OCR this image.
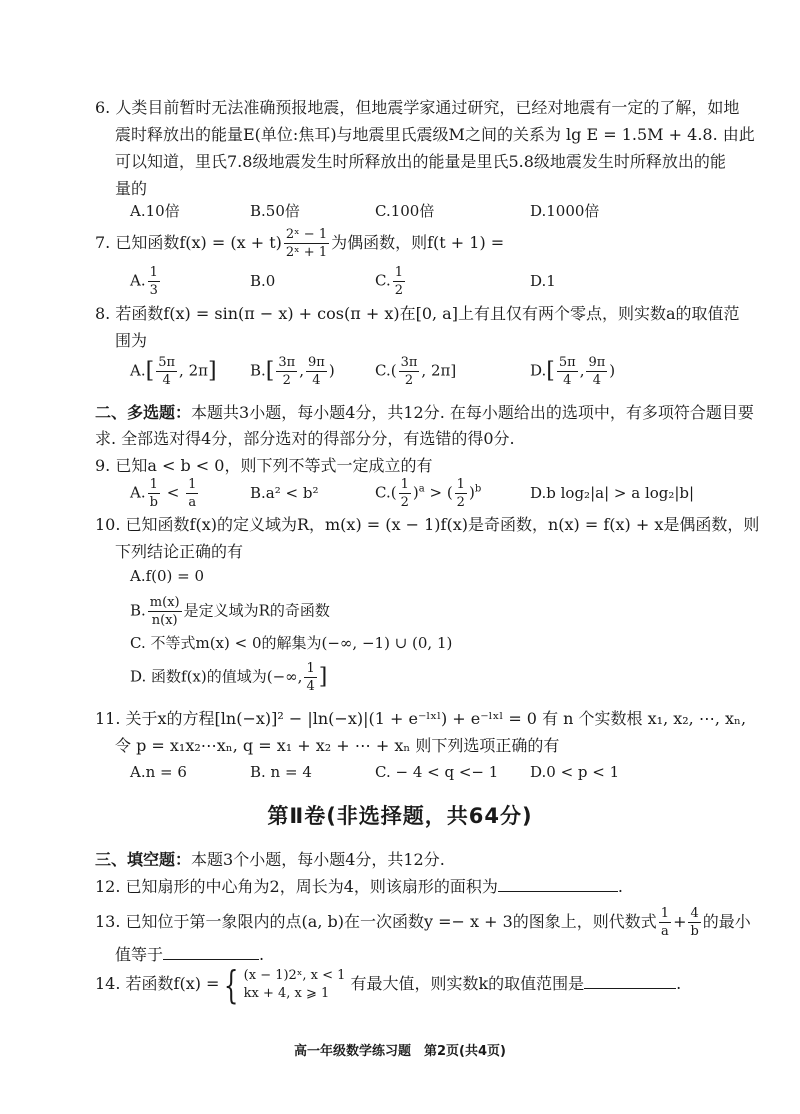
6. 人类目前暂时无法准确预报地震，但地震学家通过研究，已经对地震有一定的了解，如地
震时释放出的能量E(单位:焦耳)与地震里氏震级M之间的关系为 lg E = 1.5M + 4.8. 由此
可以知道，里氏7.8级地震发生时所释放出的能量是里氏5.8级地震发生时所释放出的能
量的
A.10倍	B.50倍	C.100倍	D.1000倍
7. 已知函数$f(x) = (x + t) \frac{\text{2ˣ − 1}}{\text{2ˣ + 1}}$ 为偶函数，则f(t + 1) =
A. $\frac{1}{3}$	B.0	C. $\frac{1}{2}$	D.1
8. 若函数f(x) = sin(π − x) + cos(π + x)在[0, a]上有且仅有两个零点，则实数a的取值范
围为
$A.[ \frac{5\pi}{4}$ , 2π] $B.[ \frac{3\pi}{2}$ , $\frac{9\pi}{4}$ )	$C.( \frac{3\pi}{2}$ , 2π]	$D.[ \frac{5\pi}{4}$ , $\frac{9\pi}{4}$ )
二、多选题：本题共3小题，每小题4分，共12分. 在每小题给出的选项中，有多项符合题目要
求. 全部选对得4分，部分选对的得部分分，有选错的得0分.
9. 已知a < b < 0，则下列不等式一定成立的有
A. $\frac{1}{b} < \frac{1}{a}$	B.a² < b²	$C.( \frac{1}{2} )^a$ > ( $\frac{1}{2} )^b$	D.b log₂|a| > a log₂|b|
10. 已知函数f(x)的定义域为R，m(x) = (x − 1)f(x)是奇函数，n(x) = f(x) + x是偶函数，则
下列结论正确的有
A.f(0) = 0
B. $\frac{m(x)}{n(x)}$ 是定义域为R的奇函数
C. 不等式m(x) < 0的解集为(−∞, −1) ∪ (0, 1)
D. 函数f(x)的值域为(−∞, $\frac{1}{4}$ ]
11. 关于x的方程[ln(−x)]² − |ln(−x)|(1 + e⁻ˡˣˡ) + e⁻ˡˣˡ = 0 有 n 个实数根 x₁, x₂, ⋯, xₙ,
令 p = x₁x₂⋯xₙ, q = x₁ + x₂ + ⋯ + xₙ 则下列选项正确的有
A.n = 6	B. n = 4	C. − 4 < q <− 1 D.0 < p < 1
第Ⅱ卷(非选择题，共64分)
三、填空题：本题3个小题，每小题4分，共12分.
12. 已知扇形的中心角为2，周长为4，则该扇形的面积为	.
13. 已知位于第一象限内的点(a, b)在一次函数y =− x + 3的图象上，则代数式 $\frac{1}{a} + \frac{4}{b}$ 的最小
值等于	.
14. 若函数f(x) = { (x − 1)2ˣ, x < 1
kx + 4, x ⩾ 1	有最大值，则实数k的取值范围是	.
高一年级数学练习题　第2页(共4页)
